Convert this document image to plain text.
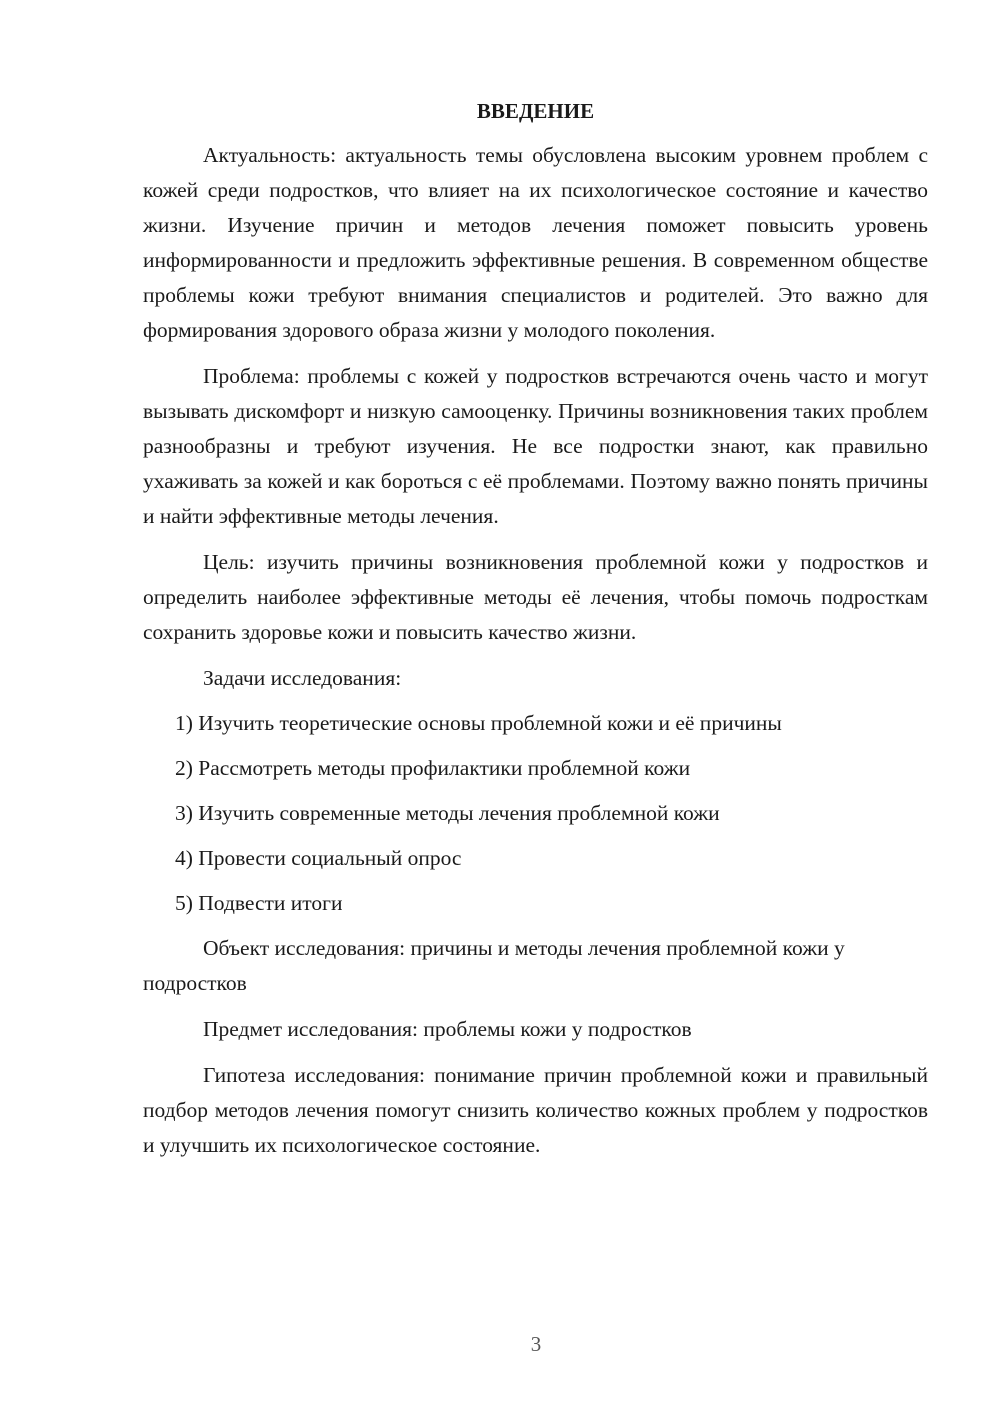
ВВЕДЕНИЕ

Актуальность: актуальность темы обусловлена высоким уровнем проблем с кожей среди подростков, что влияет на их психологическое состояние и качество жизни. Изучение причин и методов лечения поможет повысить уровень информированности и предложить эффективные решения. В современном обществе проблемы кожи требуют внимания специалистов и родителей. Это важно для формирования здорового образа жизни у молодого поколения.

Проблема: проблемы с кожей у подростков встречаются очень часто и могут вызывать дискомфорт и низкую самооценку. Причины возникновения таких проблем разнообразны и требуют изучения. Не все подростки знают, как правильно ухаживать за кожей и как бороться с её проблемами. Поэтому важно понять причины и найти эффективные методы лечения.

Цель: изучить причины возникновения проблемной кожи у подростков и определить наиболее эффективные методы её лечения, чтобы помочь подросткам сохранить здоровье кожи и повысить качество жизни.

Задачи исследования:

1) Изучить теоретические основы проблемной кожи и её причины
2) Рассмотреть методы профилактики проблемной кожи
3) Изучить современные методы лечения проблемной кожи
4) Провести социальный опрос
5) Подвести итоги

Объект исследования: причины и методы лечения проблемной кожи у подростков

Предмет исследования: проблемы кожи у подростков

Гипотеза исследования: понимание причин проблемной кожи и правильный подбор методов лечения помогут снизить количество кожных проблем у подростков и улучшить их психологическое состояние.

3
